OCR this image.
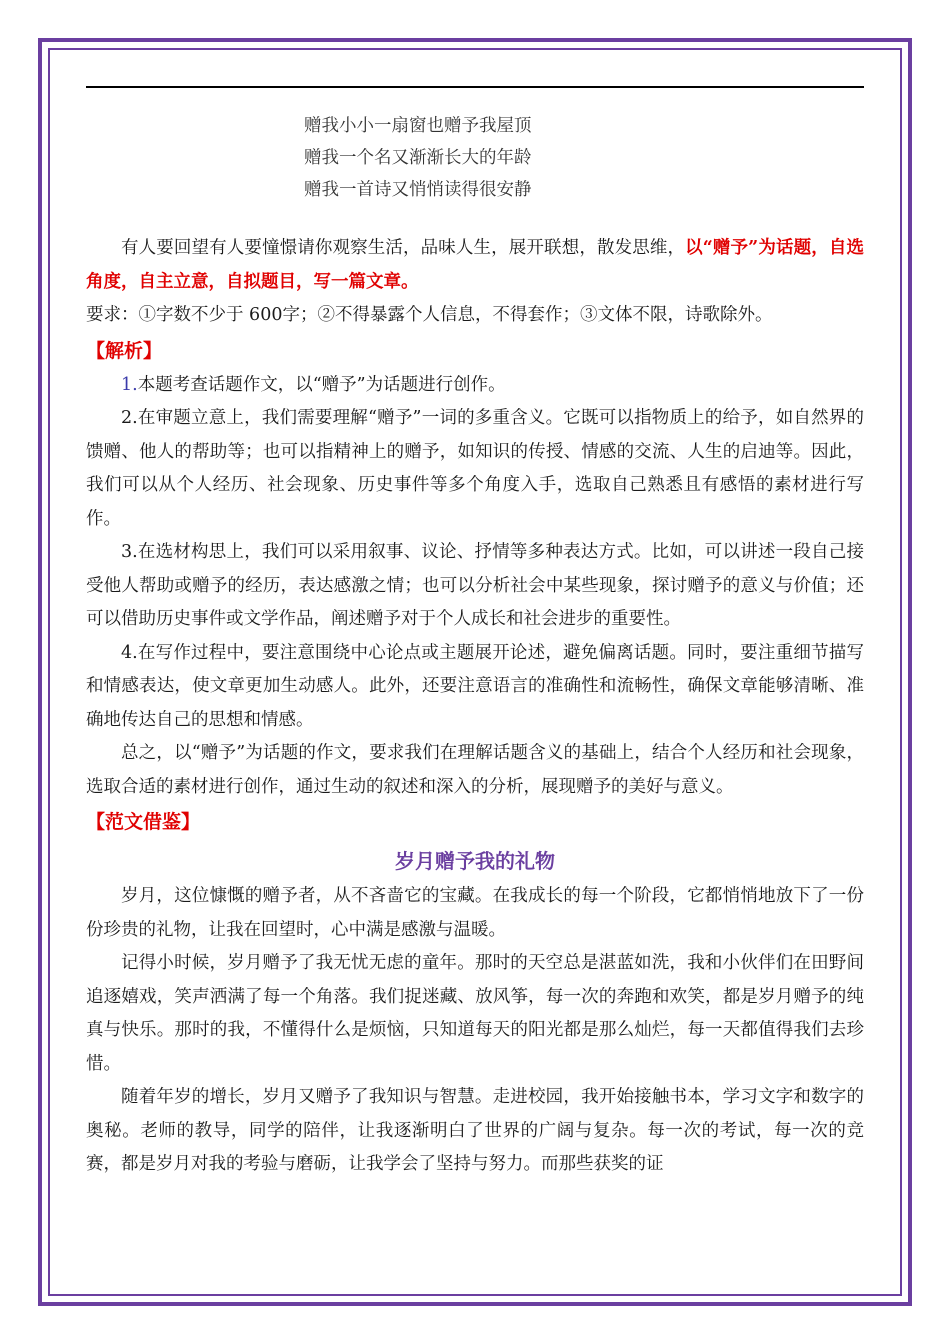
赠我小小一扇窗也赠予我屋顶
赠我一个名又渐渐长大的年龄
赠我一首诗又悄悄读得很安静

有人要回望有人要憧憬请你观察生活，品味人生，展开联想，散发思维，以“赠予”为话题，自选角度，自主立意，自拟题目，写一篇文章。

要求：①字数不少于 600字；②不得暴露个人信息，不得套作；③文体不限，诗歌除外。

【解析】

1.本题考查话题作文，以“赠予”为话题进行创作。

2.在审题立意上，我们需要理解“赠予”一词的多重含义。它既可以指物质上的给予，如自然界的馈赠、他人的帮助等；也可以指精神上的赠予，如知识的传授、情感的交流、人生的启迪等。因此，我们可以从个人经历、社会现象、历史事件等多个角度入手，选取自己熟悉且有感悟的素材进行写作。

3.在选材构思上，我们可以采用叙事、议论、抒情等多种表达方式。比如，可以讲述一段自己接受他人帮助或赠予的经历，表达感激之情；也可以分析社会中某些现象，探讨赠予的意义与价值；还可以借助历史事件或文学作品，阐述赠予对于个人成长和社会进步的重要性。

4.在写作过程中，要注意围绕中心论点或主题展开论述，避免偏离话题。同时，要注重细节描写和情感表达，使文章更加生动感人。此外，还要注意语言的准确性和流畅性，确保文章能够清晰、准确地传达自己的思想和情感。

总之，以“赠予”为话题的作文，要求我们在理解话题含义的基础上，结合个人经历和社会现象，选取合适的素材进行创作，通过生动的叙述和深入的分析，展现赠予的美好与意义。

【范文借鉴】
岁月赠予我的礼物

岁月，这位慷慨的赠予者，从不吝啬它的宝藏。在我成长的每一个阶段，它都悄悄地放下了一份份珍贵的礼物，让我在回望时，心中满是感激与温暖。

记得小时候，岁月赠予了我无忧无虑的童年。那时的天空总是湛蓝如洗，我和小伙伴们在田野间追逐嬉戏，笑声洒满了每一个角落。我们捉迷藏、放风筝，每一次的奔跑和欢笑，都是岁月赠予的纯真与快乐。那时的我，不懂得什么是烦恼，只知道每天的阳光都是那么灿烂，每一天都值得我们去珍惜。

随着年岁的增长，岁月又赠予了我知识与智慧。走进校园，我开始接触书本，学习文字和数字的奥秘。老师的教导，同学的陪伴，让我逐渐明白了世界的广阔与复杂。每一次的考试，每一次的竞赛，都是岁月对我的考验与磨砺，让我学会了坚持与努力。而那些获奖的证
